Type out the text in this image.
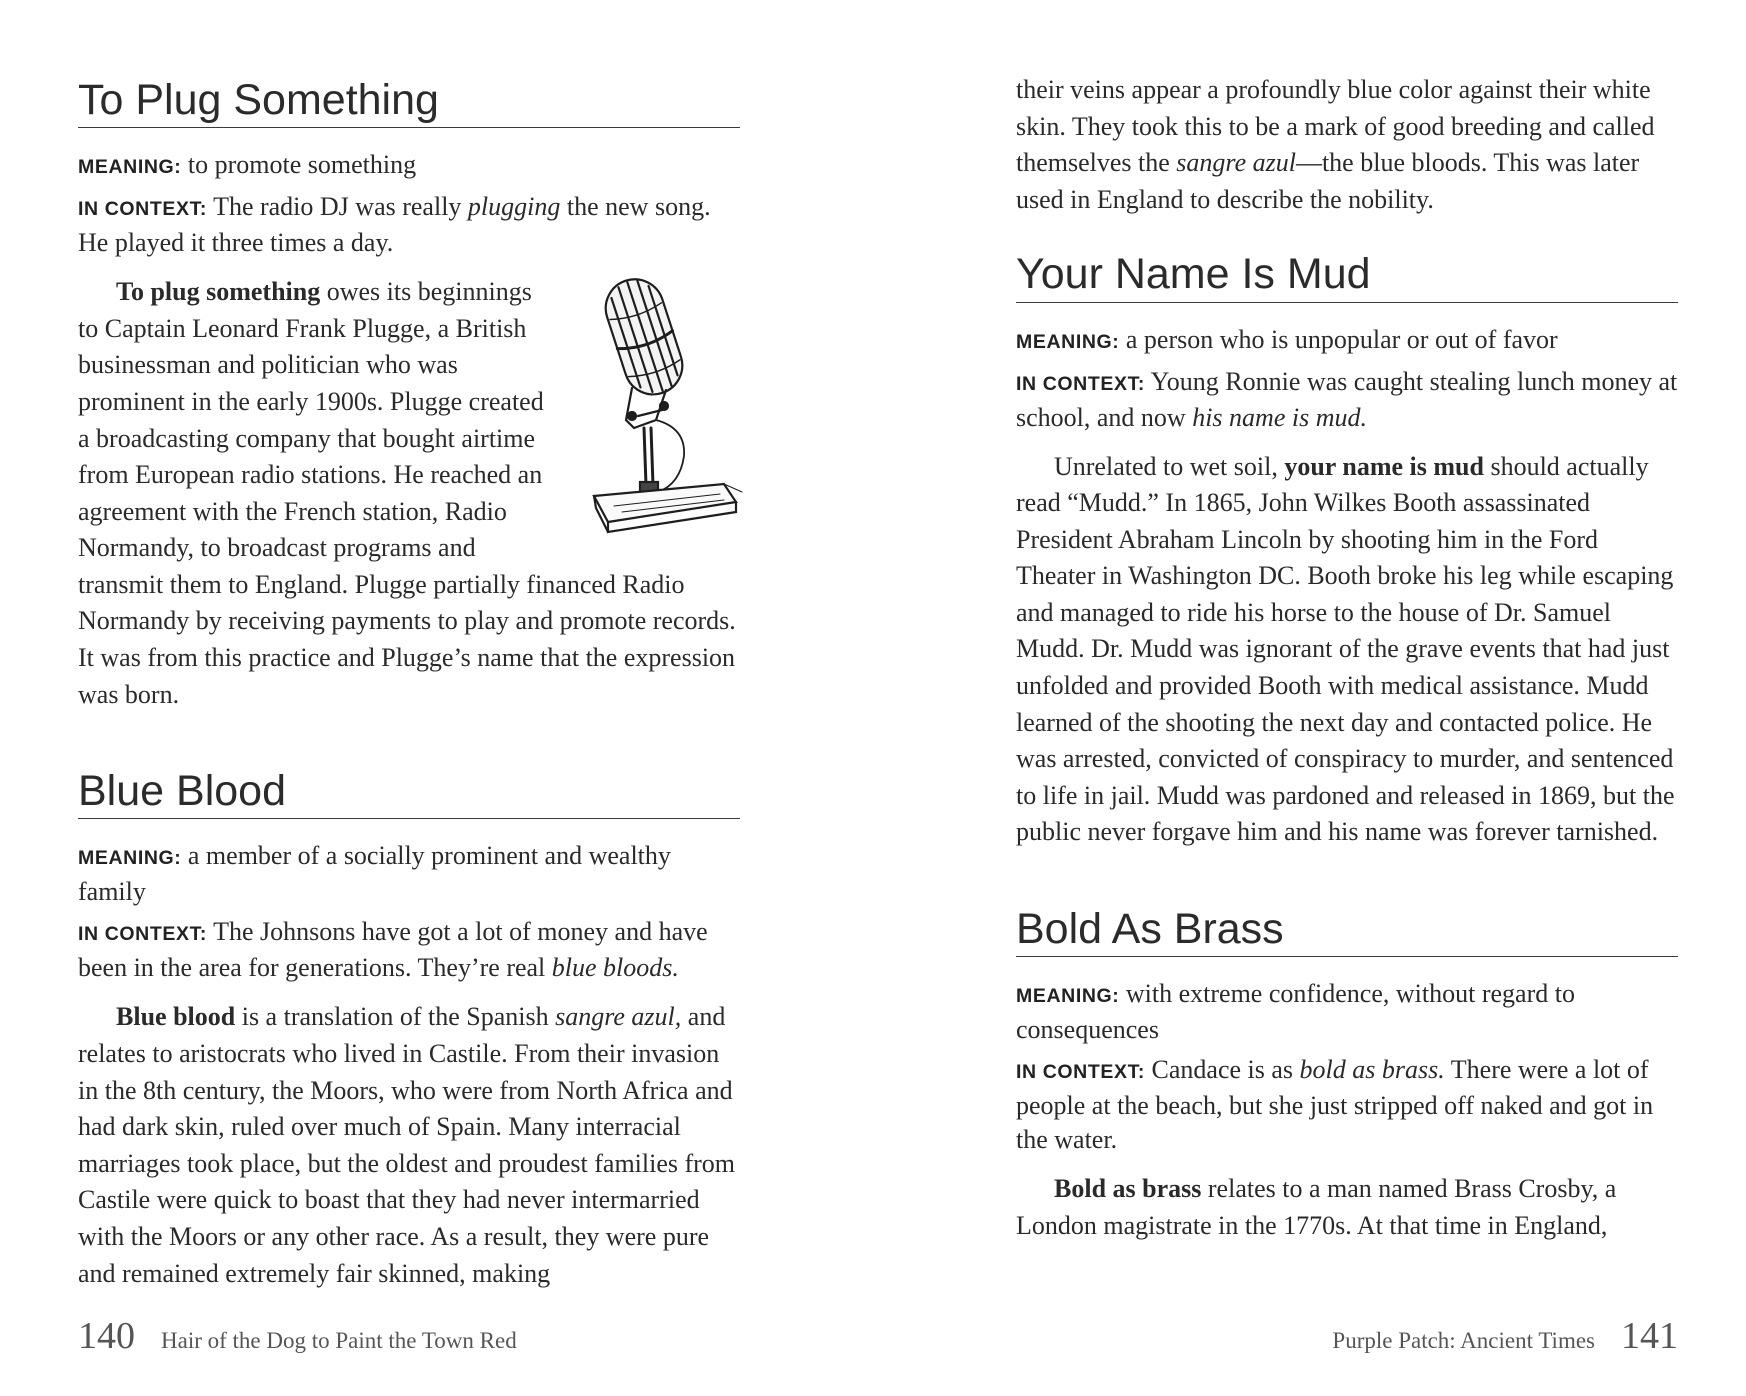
To Plug Something

MEANING: to promote something

IN CONTEXT: The radio DJ was really plugging the new song. He played it three times a day.

To plug something owes its beginnings to Captain Leonard Frank Plugge, a British businessman and politician who was prominent in the early 1900s. Plugge created a broadcasting company that bought airtime from European radio stations. He reached an agreement with the French station, Radio Normandy, to broadcast programs and transmit them to England. Plugge partially financed Radio Normandy by receiving payments to play and promote records. It was from this practice and Plugge’s name that the expression was born.

Blue Blood

MEANING: a member of a socially prominent and wealthy family

IN CONTEXT: The Johnsons have got a lot of money and have been in the area for generations. They’re real blue bloods.

Blue blood is a translation of the Spanish sangre azul, and relates to aristocrats who lived in Castile. From their invasion in the 8th century, the Moors, who were from North Africa and had dark skin, ruled over much of Spain. Many interracial marriages took place, but the oldest and proudest families from Castile were quick to boast that they had never intermarried with the Moors or any other race. As a result, they were pure and remained extremely fair skinned, making

140 Hair of the Dog to Paint the Town Red

their veins appear a profoundly blue color against their white skin. They took this to be a mark of good breeding and called themselves the sangre azul—the blue bloods. This was later used in England to describe the nobility.

Your Name Is Mud

MEANING: a person who is unpopular or out of favor

IN CONTEXT: Young Ronnie was caught stealing lunch money at school, and now his name is mud.

Unrelated to wet soil, your name is mud should actually read “Mudd.” In 1865, John Wilkes Booth assassinated President Abraham Lincoln by shooting him in the Ford Theater in Washington DC. Booth broke his leg while escaping and managed to ride his horse to the house of Dr. Samuel Mudd. Dr. Mudd was ignorant of the grave events that had just unfolded and provided Booth with medical assistance. Mudd learned of the shooting the next day and contacted police. He was arrested, convicted of conspiracy to murder, and sentenced to life in jail. Mudd was pardoned and released in 1869, but the public never forgave him and his name was forever tarnished.

Bold As Brass

MEANING: with extreme confidence, without regard to consequences

IN CONTEXT: Candace is as bold as brass. There were a lot of people at the beach, but she just stripped off naked and got in the water.

Bold as brass relates to a man named Brass Crosby, a London magistrate in the 1770s. At that time in England,

Purple Patch: Ancient Times 141
